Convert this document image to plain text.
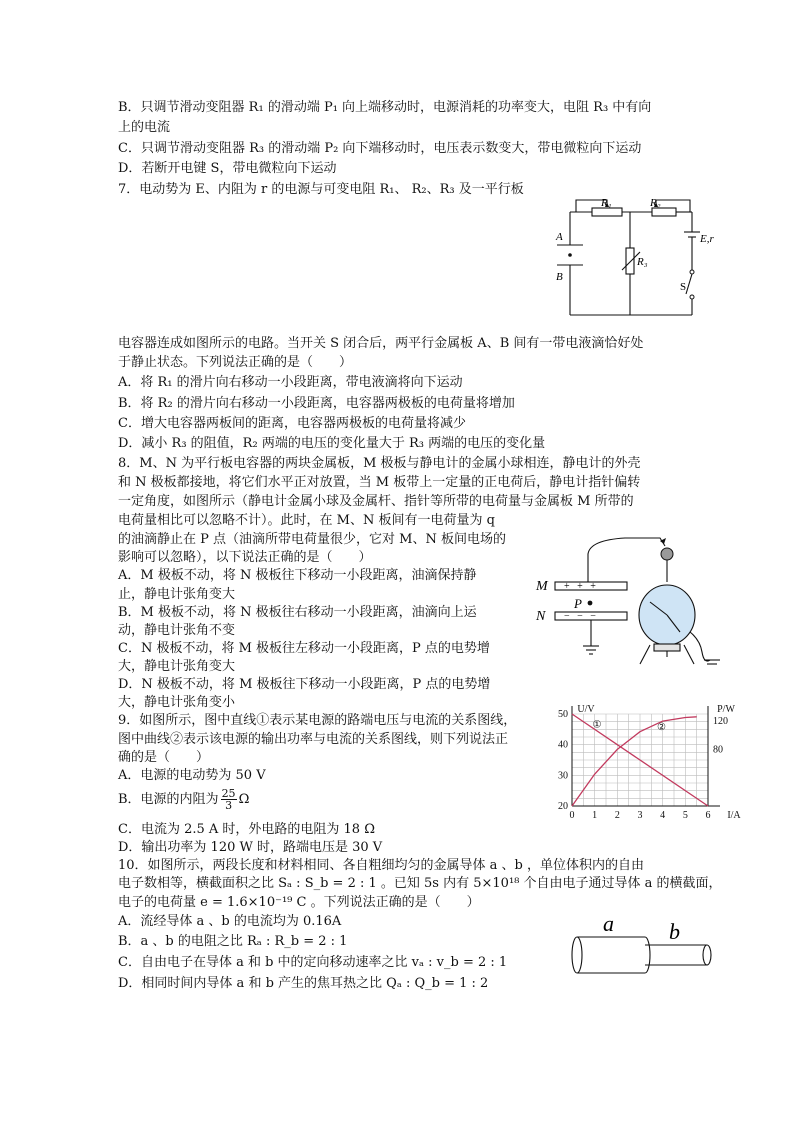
B．只调节滑动变阻器 R₁ 的滑动端 P₁ 向上端移动时，电源消耗的功率变大，电阻 R₃ 中有向
上的电流
C．只调节滑动变阻器 R₃ 的滑动端 P₂ 向下端移动时，电压表示数变大，带电微粒向下运动
D．若断开电键 S，带电微粒向下运动
7．电动势为 E、内阻为 r 的电源与可变电阻 R₁、 R₂、R₃ 及一平行板
R₁	R₂
R₃
A
B
E,r
S
电容器连成如图所示的电路。当开关 S 闭合后，两平行金属板 A、B 间有一带电液滴恰好处
于静止状态。下列说法正确的是（　　）
A．将 R₁ 的滑片向右移动一小段距离，带电液滴将向下运动
B．将 R₂ 的滑片向右移动一小段距离，电容器两极板的电荷量将增加
C．增大电容器两板间的距离，电容器两极板的电荷量将减少
D．减小 R₃ 的阻值，R₂ 两端的电压的变化量大于 R₃ 两端的电压的变化量
8．M、N 为平行板电容器的两块金属板，M 极板与静电计的金属小球相连，静电计的外壳
和 N 极板都接地，将它们水平正对放置，当 M 板带上一定量的正电荷后，静电计指针偏转
一定角度，如图所示（静电计金属小球及金属杆、指针等所带的电荷量与金属板 M 所带的
电荷量相比可以忽略不计）。此时，在 M、N 板间有一电荷量为 q
的油滴静止在 P 点（油滴所带电荷量很少，它对 M、N 板间电场的
影响可以忽略），以下说法正确的是（　　）
A．M 极板不动，将 N 极板往下移动一小段距离，油滴保持静
止，静电计张角变大
B．M 极板不动，将 N 极板往右移动一小段距离，油滴向上运
动，静电计张角不变
C．N 极板不动，将 M 极板往左移动一小段距离，P 点的电势增
大，静电计张角变大
D．N 极板不动，将 M 极板往下移动一小段距离，P 点的电势增
大，静电计张角变小
+   +   +
−   −   −
M
N
P
9．如图所示，图中直线①表示某电源的路端电压与电流的关系图线，
图中曲线②表示该电源的输出功率与电流的关系图线，则下列说法正
确的是（　　）
A．电源的电动势为 50 V
B．电源的内阻为 $\frac{25}{3}$ Ω
C．电流为 2.5 A 时，外电路的电阻为 18 Ω
D．输出功率为 120 W 时，路端电压是 30 V
0 1 2 3 4 5 6
20
30
40
50
80
120
U/V	P/W
I/A
①	②
10．如图所示，两段长度和材料相同、各自粗细均匀的金属导体 a 、b ，单位体积内的自由
电子数相等，横截面积之比 Sₐ : S_b = 2 : 1 。已知 5s 内有 5×10¹⁸ 个自由电子通过导体 a 的横截面，
电子的电荷量 e = 1.6×10⁻¹⁹ C 。下列说法正确的是（　　）
A．流经导体 a 、b 的电流均为 0.16A
B．a 、b 的电阻之比 Rₐ : R_b = 2 : 1
C．自由电子在导体 a 和 b 中的定向移动速率之比 vₐ : v_b = 2 : 1
D．相同时间内导体 a 和 b 产生的焦耳热之比 Qₐ : Q_b = 1 : 2
a	b
